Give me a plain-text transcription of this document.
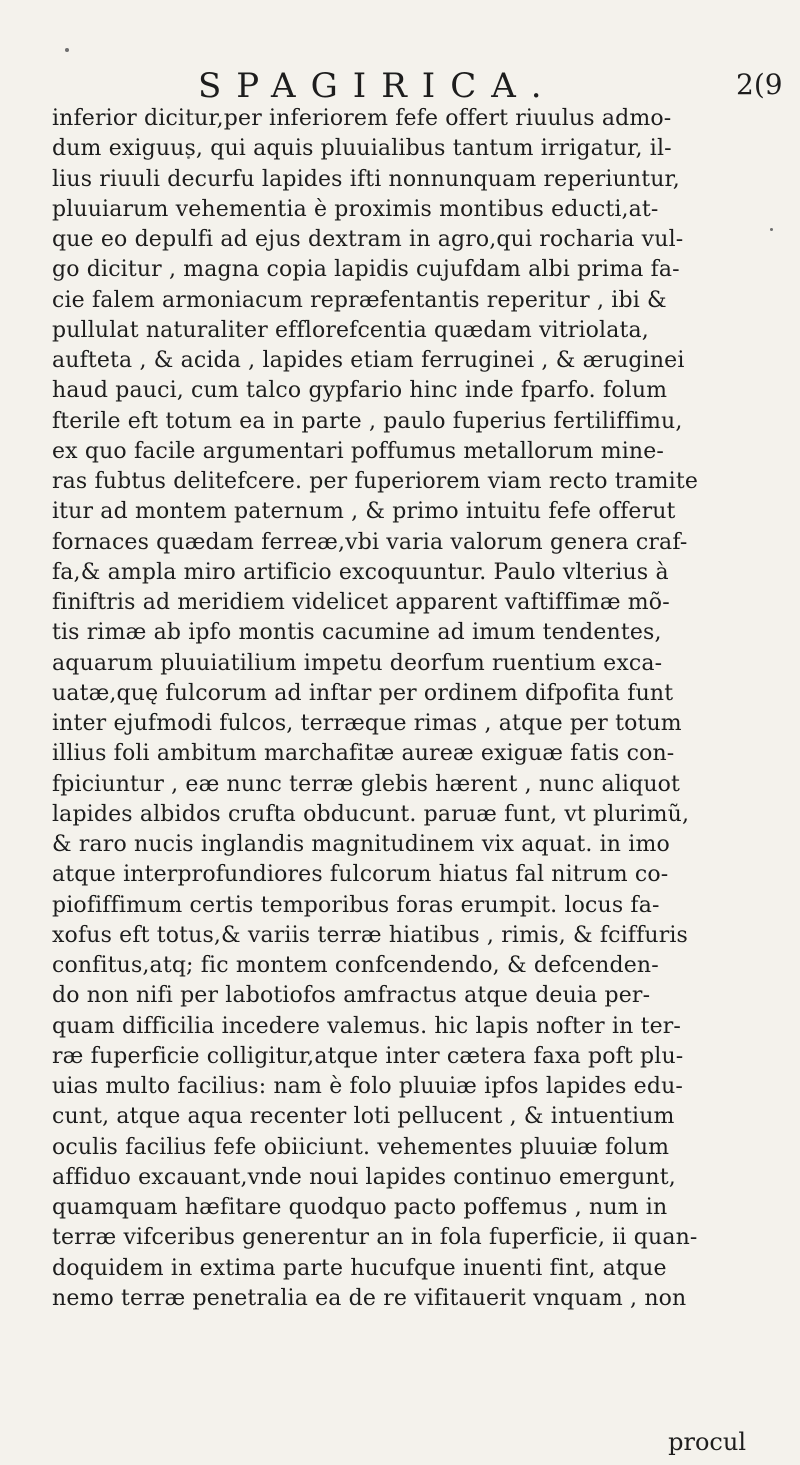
SPAGIRICA.	2(9
inferior dicitur,per inferiorem fefe offert riuulus admo-
dum exiguus, qui aquis pluuialibus tantum irrigatur, il-
lius riuuli decurfu lapides ifti nonnunquam reperiuntur,
pluuiarum vehementia è proximis montibus educti,at-
que eo depulfi ad ejus dextram in agro,qui rocharia vul-
go dicitur , magna copia lapidis cujufdam albi prima fa-
cie falem armoniacum repræfentantis reperitur , ibi &
pullulat naturaliter efflorefcentia quædam vitriolata,
aufteta , & acida , lapides etiam ferruginei , & æruginei
haud pauci, cum talco gypfario hinc inde fparfo. folum
fterile eft totum ea in parte , paulo fuperius fertiliffimu,
ex quo facile argumentari poffumus metallorum mine-
ras fubtus delitefcere. per fuperiorem viam recto tramite
itur ad montem paternum , & primo intuitu fefe offerut
fornaces quædam ferreæ,vbi varia valorum genera craf-
fa,& ampla miro artificio excoquuntur. Paulo vlterius à
finiftris ad meridiem videlicet apparent vaftiffimæ mõ-
tis rimæ ab ipfo montis cacumine ad imum tendentes,
aquarum pluuiatilium impetu deorfum ruentium exca-
uatæ,quę fulcorum ad inftar per ordinem difpofita funt
inter ejufmodi fulcos, terræque rimas , atque per totum
illius foli ambitum marchafitæ aureæ exiguæ fatis con-
fpiciuntur , eæ nunc terræ glebis hærent , nunc aliquot
lapides albidos crufta obducunt. paruæ funt, vt plurimũ,
& raro nucis inglandis magnitudinem vix aquat. in imo
atque interprofundiores fulcorum hiatus fal nitrum co-
piofiffimum certis temporibus foras erumpit. locus fa-
xofus eft totus,& variis terræ hiatibus , rimis, & fciffuris
confitus,atq; fic montem confcendendo, & defcenden-
do non nifi per labotiofos amfractus atque deuia per-
quam difficilia incedere valemus. hic lapis nofter in ter-
ræ fuperficie colligitur,atque inter cætera faxa poft plu-
uias multo facilius: nam è folo pluuiæ ipfos lapides edu-
cunt, atque aqua recenter loti pellucent , & intuentium
oculis facilius fefe obiiciunt. vehementes pluuiæ folum
affiduo excauant,vnde noui lapides continuo emergunt,
quamquam hæfitare quodquo pacto poffemus , num in
terræ vifceribus generentur an in fola fuperficie, ii quan-
doquidem in extima parte hucufque inuenti fint, atque
nemo terræ penetralia ea de re vifitauerit vnquam , non
procul
